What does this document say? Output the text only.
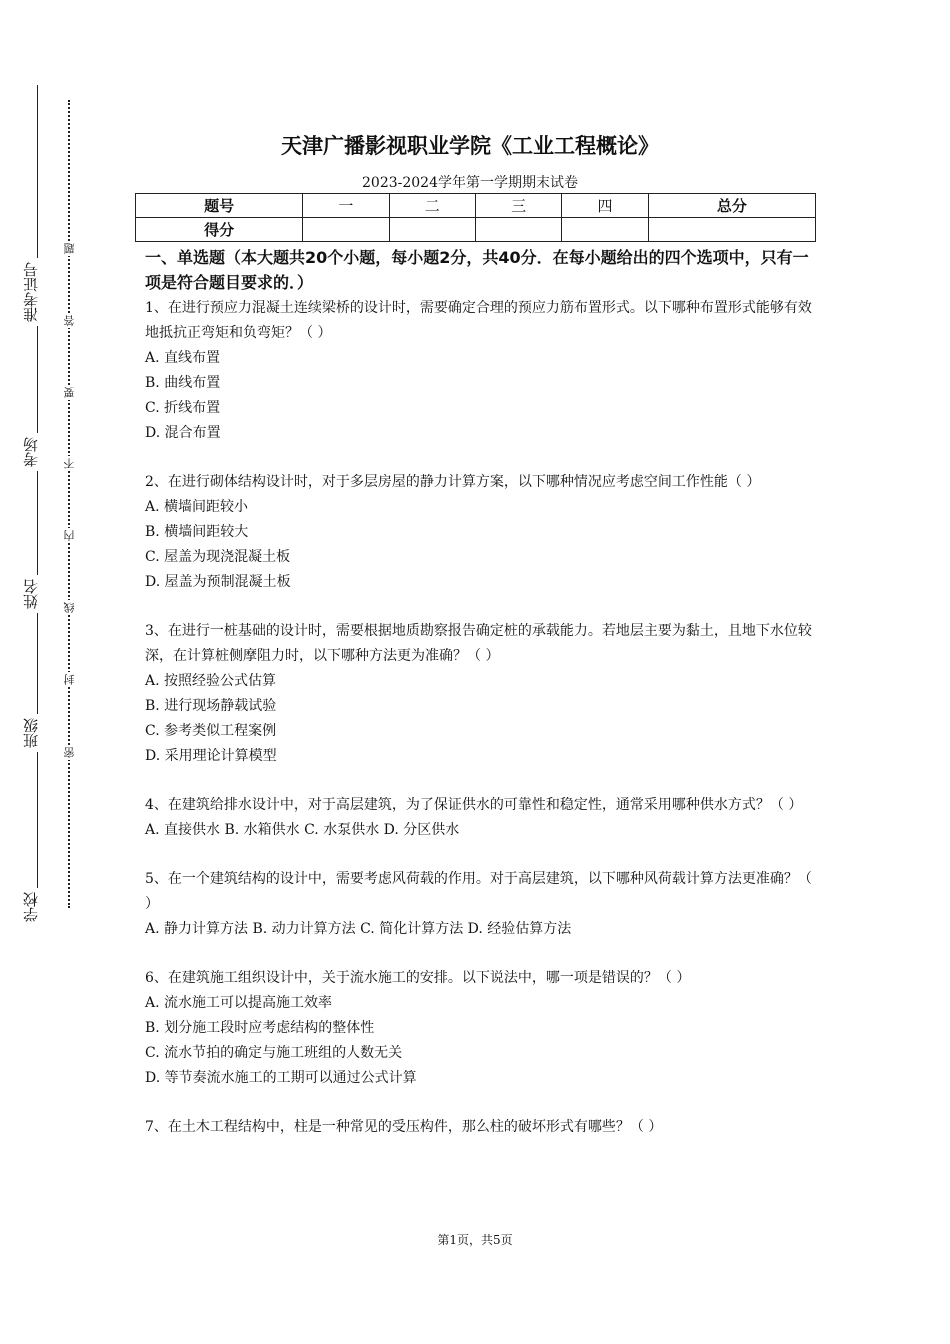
学校
班级
姓名
考场
准考证号
密
封
线
内
不
要
答
题
天津广播影视职业学院《工业工程概论》
2023-2024学年第一学期期末试卷
题号	一	二	三	四	总分
得分					
一、单选题（本大题共20个小题，每小题2分，共40分．在每小题给出的四个选项中，只有一项是符合题目要求的．）

1、在进行预应力混凝土连续梁桥的设计时，需要确定合理的预应力筋布置形式。以下哪种布置形式能够有效地抵抗正弯矩和负弯矩？（ ）

A. 直线布置

B. 曲线布置

C. 折线布置

D. 混合布置

2、在进行砌体结构设计时，对于多层房屋的静力计算方案，以下哪种情况应考虑空间工作性能（ ）

A. 横墙间距较小

B. 横墙间距较大

C. 屋盖为现浇混凝土板

D. 屋盖为预制混凝土板

3、在进行一桩基础的设计时，需要根据地质勘察报告确定桩的承载能力。若地层主要为黏土，且地下水位较深，在计算桩侧摩阻力时，以下哪种方法更为准确？（ ）

A. 按照经验公式估算

B. 进行现场静载试验

C. 参考类似工程案例

D. 采用理论计算模型

4、在建筑给排水设计中，对于高层建筑，为了保证供水的可靠性和稳定性，通常采用哪种供水方式？（ ）

A. 直接供水 B. 水箱供水 C. 水泵供水 D. 分区供水

5、在一个建筑结构的设计中，需要考虑风荷载的作用。对于高层建筑，以下哪种风荷载计算方法更准确？（ ）

A. 静力计算方法 B. 动力计算方法 C. 简化计算方法 D. 经验估算方法

6、在建筑施工组织设计中，关于流水施工的安排。以下说法中，哪一项是错误的？（ ）

A. 流水施工可以提高施工效率

B. 划分施工段时应考虑结构的整体性

C. 流水节拍的确定与施工班组的人数无关

D. 等节奏流水施工的工期可以通过公式计算

7、在土木工程结构中，柱是一种常见的受压构件，那么柱的破坏形式有哪些？（ ）

第1页，共5页
